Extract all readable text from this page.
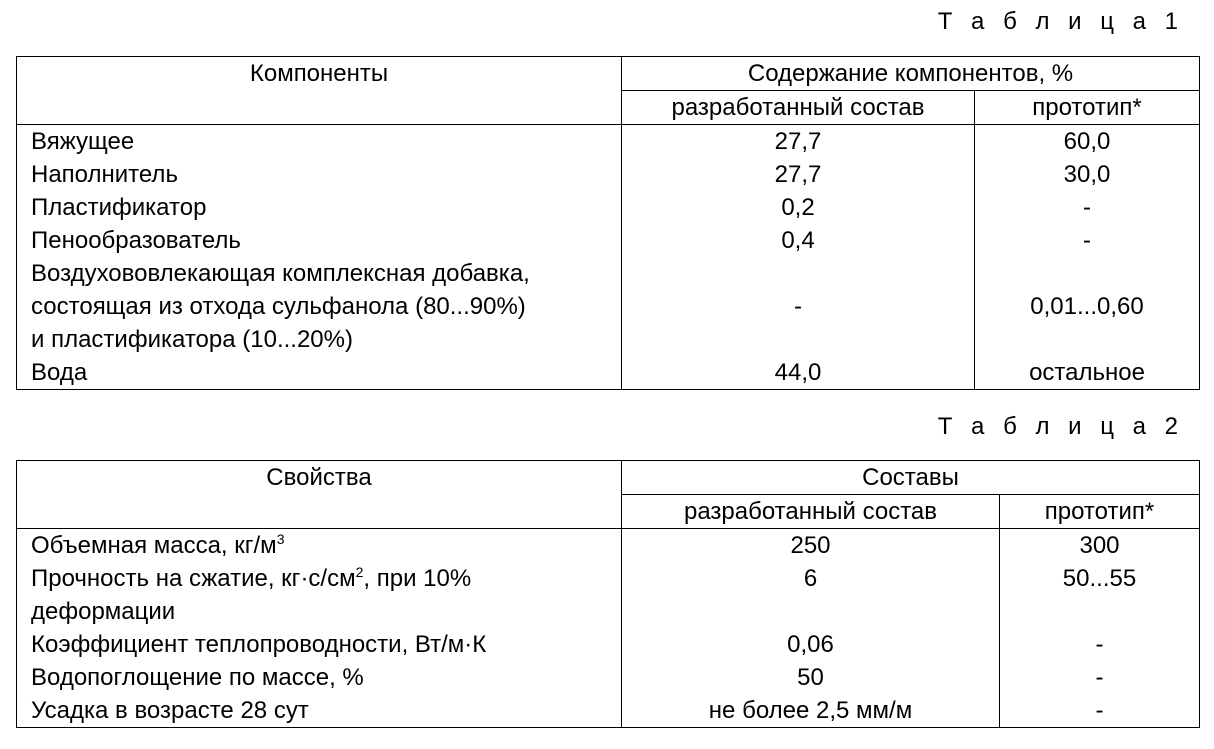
Т а б л и ц а 1
Компоненты	Содержание компонентов, %	
	разработанный состав	прототип*
Вяжущее	27,7	60,0
Наполнитель	27,7	30,0
Пластификатор	0,2	-
Пенообразователь	0,4	-

Воздухововлекающая комплексная добавка,
состоящая из отхода сульфанола (80...90%)
и пластификатора (10...20%)	-	0,01...0,60
Вода	44,0	остальное
Т а б л и ц а 2
Свойства	Составы	
	разработанный состав	прототип*
Объемная масса, $кг/м^3$	250	300

Прочность на сжатие, $кг\cdot с/см^2$, при 10%
деформации	6	50...55
Коэффициент теплопроводности, Вт/м·К	0,06	-
Водопоглощение по массе, %	50	-
Усадка в возрасте 28 сут	не более 2,5 мм/м	-
